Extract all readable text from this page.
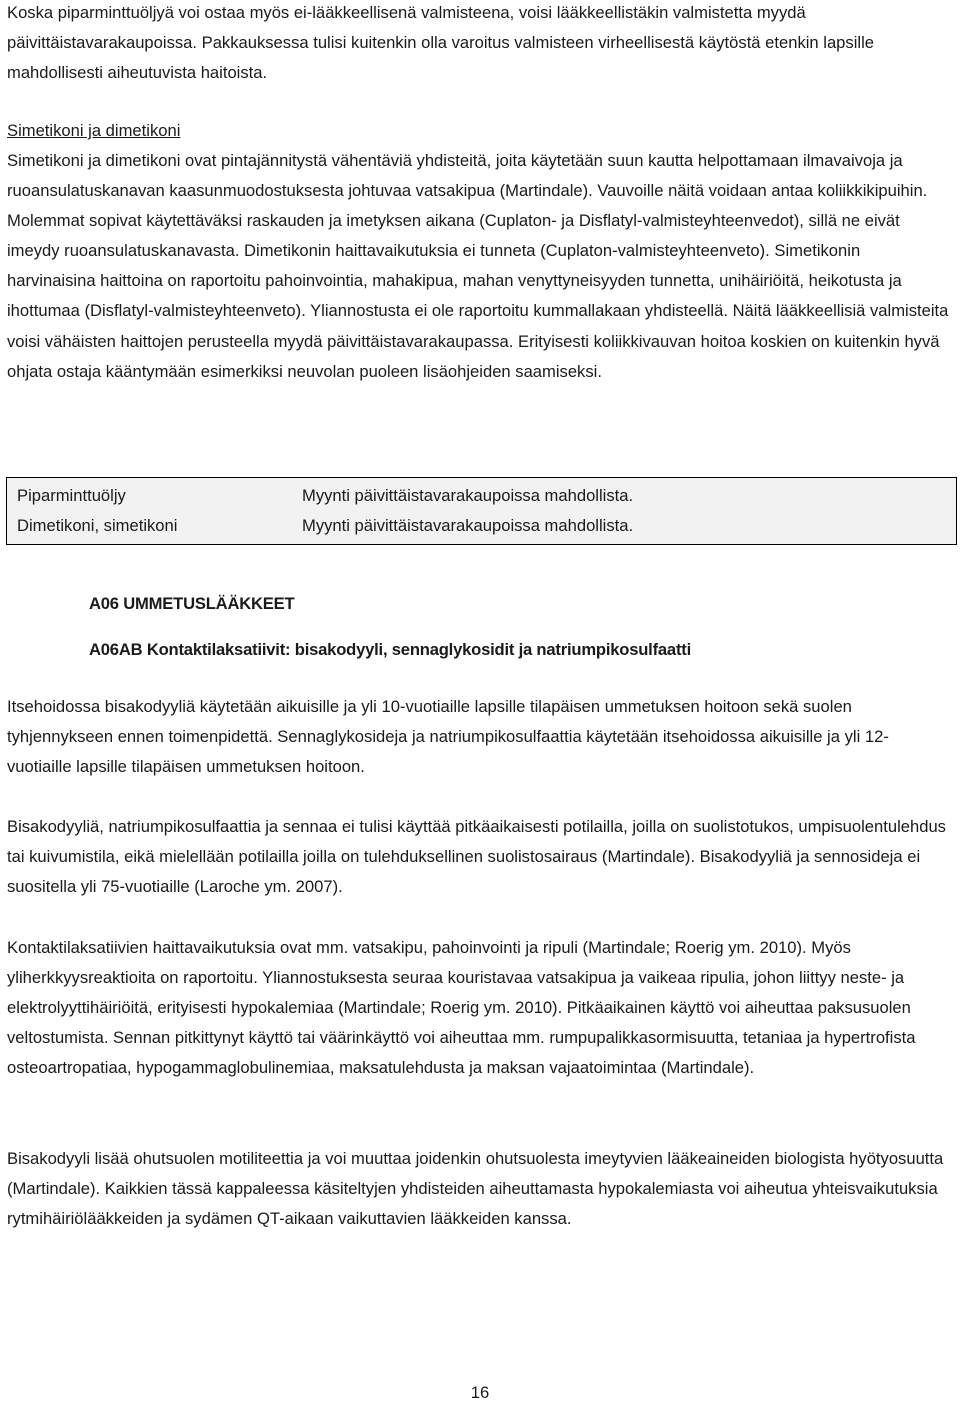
Koska piparminttuöljyä voi ostaa myös ei-lääkkeellisenä valmisteena, voisi lääkkeellistäkin valmistetta myydä päivittäistavarakaupoissa. Pakkauksessa tulisi kuitenkin olla varoitus valmisteen virheellisestä käytöstä etenkin lapsille mahdollisesti aiheutuvista haitoista.

Simetikoni ja dimetikoni

Simetikoni ja dimetikoni ovat pintajännitystä vähentäviä yhdisteitä, joita käytetään suun kautta helpottamaan ilmavaivoja ja ruoansulatuskanavan kaasunmuodostuksesta johtuvaa vatsakipua (Martindale). Vauvoille näitä voidaan antaa koliikkikipuihin. Molemmat sopivat käytettäväksi raskauden ja imetyksen aikana (Cuplaton- ja Disflatyl-valmisteyhteenvedot), sillä ne eivät imeydy ruoansulatuskanavasta. Dimetikonin haittavaikutuksia ei tunneta (Cuplaton-valmisteyhteenveto). Simetikonin harvinaisina haittoina on raportoitu pahoinvointia, mahakipua, mahan venyttyneisyyden tunnetta, unihäiriöitä, heikotusta ja ihottumaa (Disflatyl-valmisteyhteenveto). Yliannostusta ei ole raportoitu kummallakaan yhdisteellä. Näitä lääkkeellisiä valmisteita voisi vähäisten haittojen perusteella myydä päivittäistavarakaupassa. Erityisesti koliikkivauvan hoitoa koskien on kuitenkin hyvä ohjata ostaja kääntymään esimerkiksi neuvolan puoleen lisäohjeiden saamiseksi.

Piparminttuöljy	Myynti päivittäistavarakaupoissa mahdollista.
Dimetikoni, simetikoni	Myynti päivittäistavarakaupoissa mahdollista.
A06 UMMETUSLÄÄKKEET
A06AB Kontaktilaksatiivit: bisakodyyli, sennaglykosidit ja natriumpikosulfaatti

Itsehoidossa bisakodyyliä käytetään aikuisille ja yli 10-vuotiaille lapsille tilapäisen ummetuksen hoitoon sekä suolen tyhjennykseen ennen toimenpidettä. Sennaglykosideja ja natriumpikosulfaattia käytetään itsehoidossa aikuisille ja yli 12-vuotiaille lapsille tilapäisen ummetuksen hoitoon.

Bisakodyyliä, natriumpikosulfaattia ja sennaa ei tulisi käyttää pitkäaikaisesti potilailla, joilla on suolistotukos, umpisuolentulehdus tai kuivumistila, eikä mielellään potilailla joilla on tulehduksellinen suolistosairaus (Martindale). Bisakodyyliä ja sennosideja ei suositella yli 75-vuotiaille (Laroche ym. 2007).

Kontaktilaksatiivien haittavaikutuksia ovat mm. vatsakipu, pahoinvointi ja ripuli (Martindale; Roerig ym. 2010). Myös yliherkkyysreaktioita on raportoitu. Yliannostuksesta seuraa kouristavaa vatsakipua ja vaikeaa ripulia, johon liittyy neste- ja elektrolyyttihäiriöitä, erityisesti hypokalemiaa (Martindale; Roerig ym. 2010). Pitkäaikainen käyttö voi aiheuttaa paksusuolen veltostumista. Sennan pitkittynyt käyttö tai väärinkäyttö voi aiheuttaa mm. rumpupalikkasormisuutta, tetaniaa ja hypertrofista osteoartropatiaa, hypogammaglobulinemiaa, maksatulehdusta ja maksan vajaatoimintaa (Martindale).

Bisakodyyli lisää ohutsuolen motiliteettia ja voi muuttaa joidenkin ohutsuolesta imeytyvien lääkeaineiden biologista hyötyosuutta (Martindale). Kaikkien tässä kappaleessa käsiteltyjen yhdisteiden aiheuttamasta hypokalemiasta voi aiheutua yhteisvaikutuksia rytmihäiriölääkkeiden ja sydämen QT-aikaan vaikuttavien lääkkeiden kanssa.

16
